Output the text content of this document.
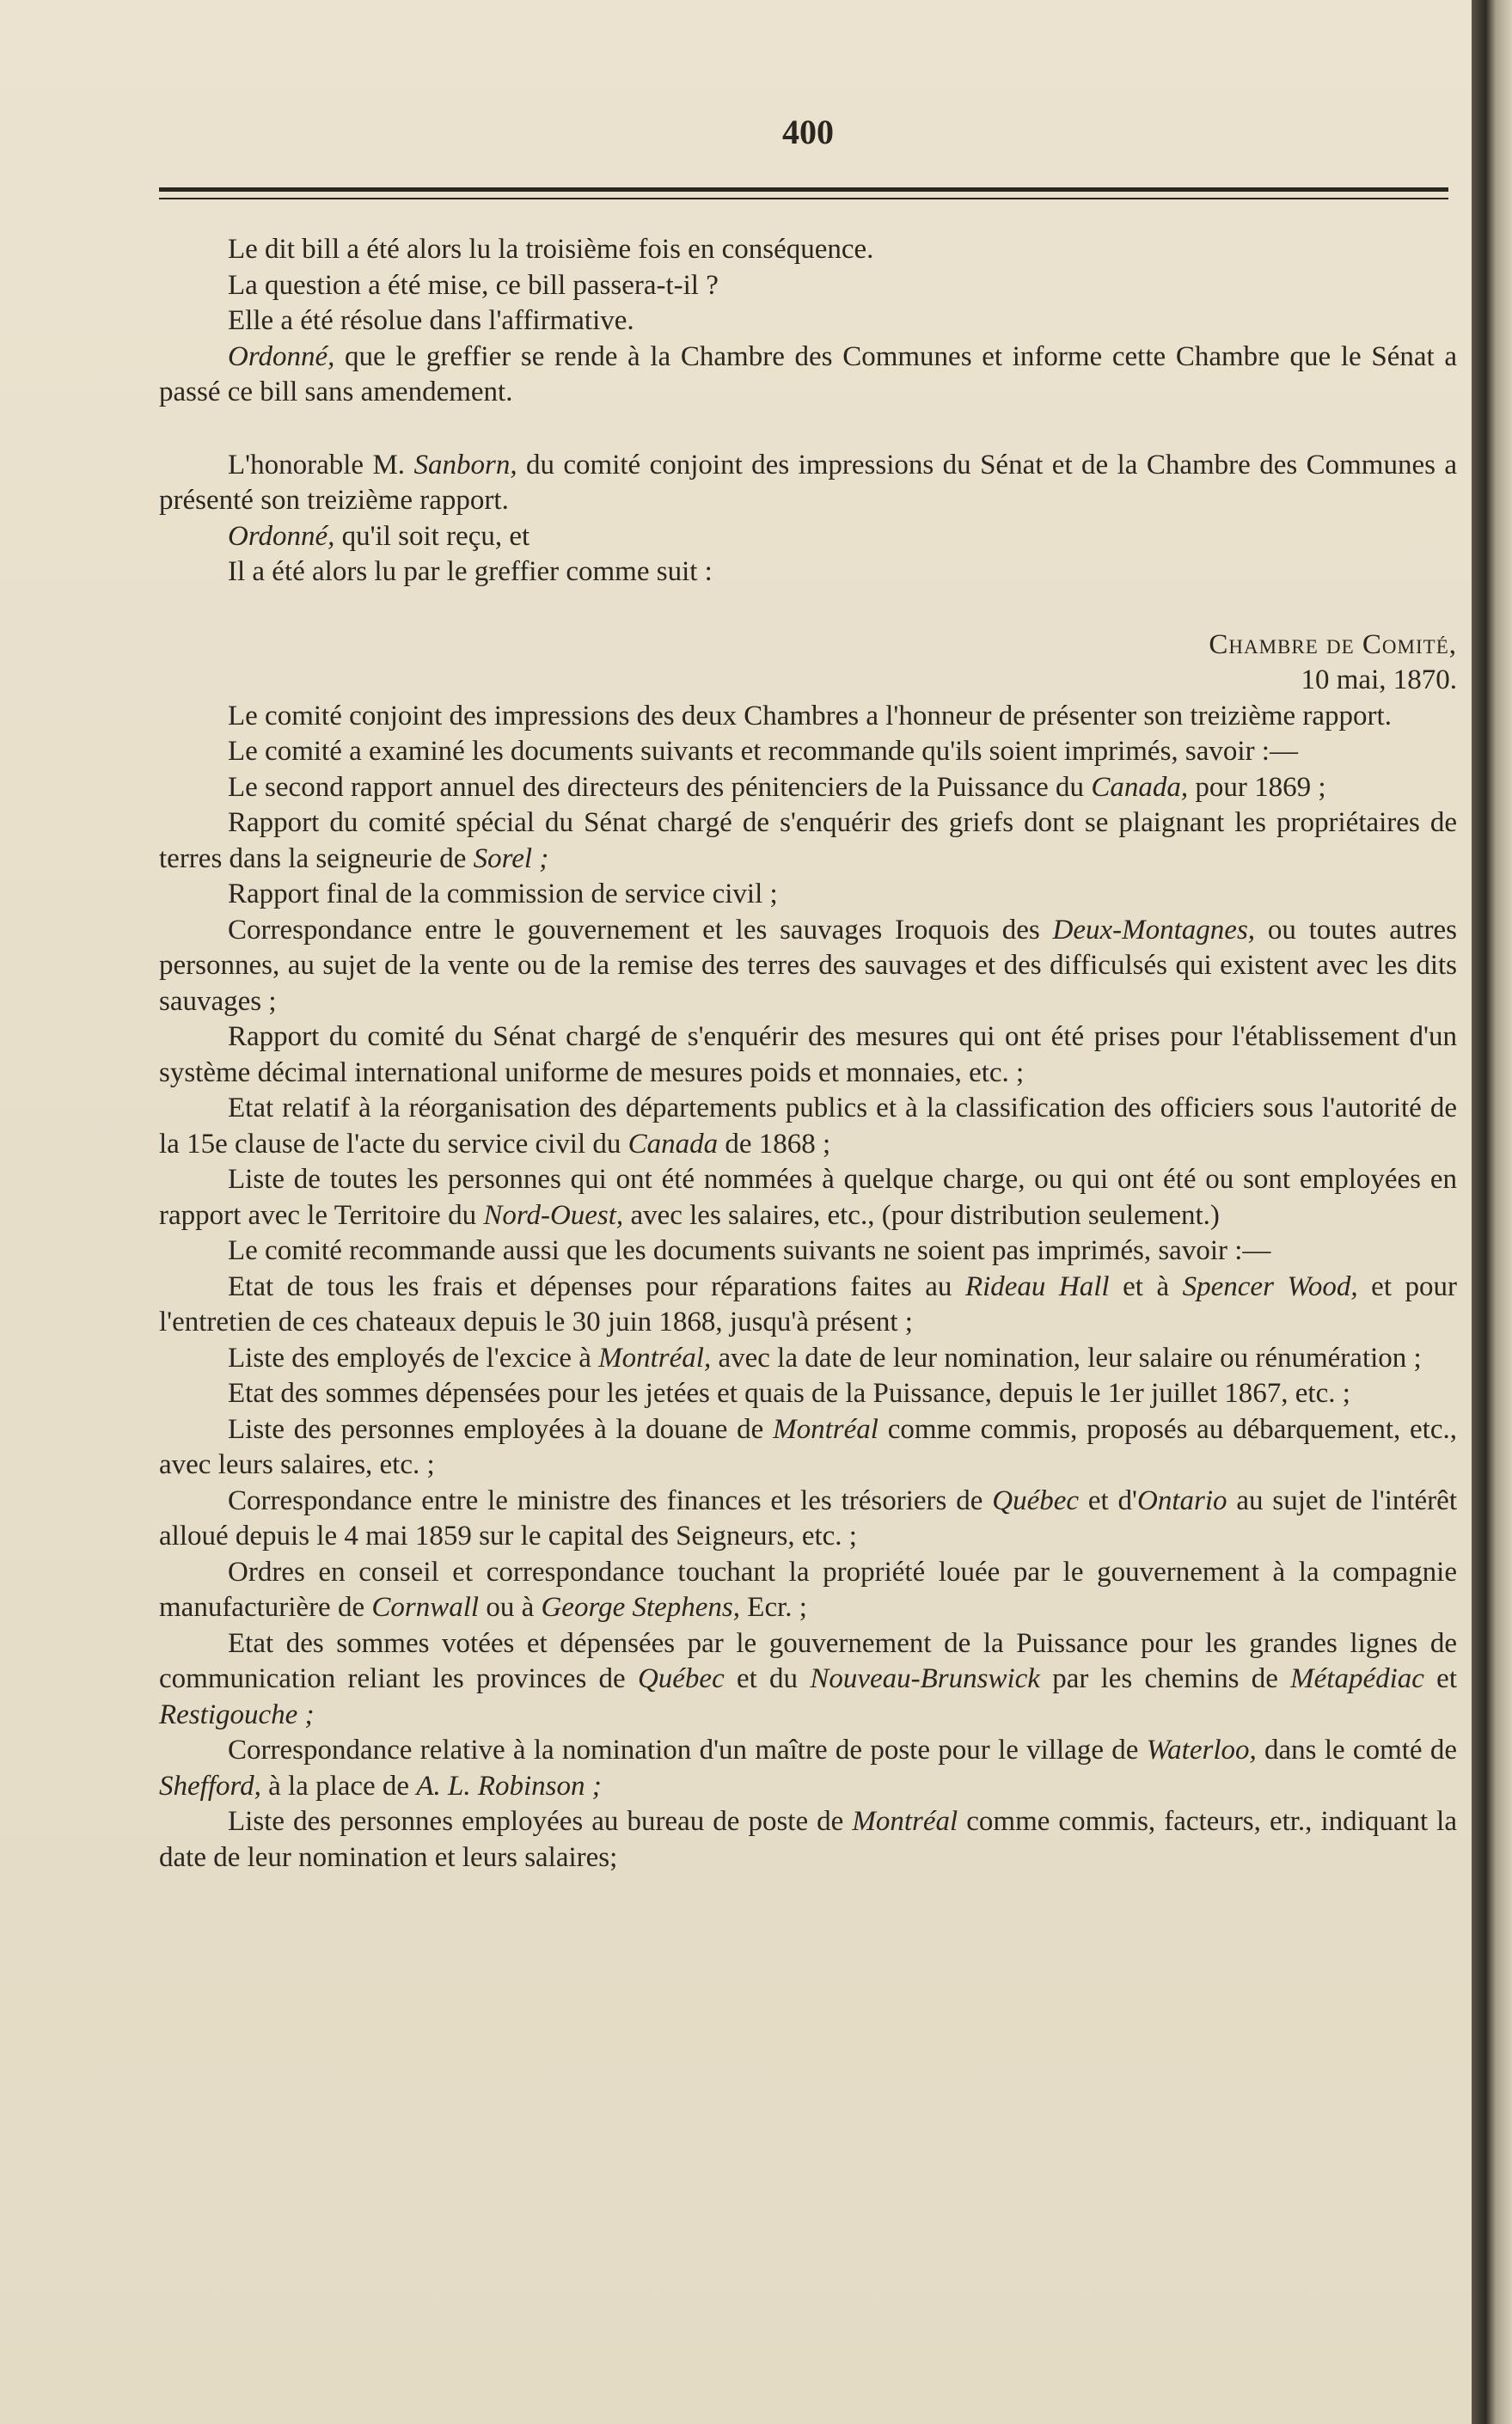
400

Le dit bill a été alors lu la troisième fois en conséquence.

La question a été mise, ce bill passera-t-il ?

Elle a été résolue dans l'affirmative.

Ordonné, que le greffier se rende à la Chambre des Communes et informe cette Chambre que le Sénat a passé ce bill sans amendement.

L'honorable M. Sanborn, du comité conjoint des impressions du Sénat et de la Chambre des Communes a présenté son treizième rapport.

Ordonné, qu'il soit reçu, et

Il a été alors lu par le greffier comme suit :

Chambre de Comité,
10 mai, 1870.

Le comité conjoint des impressions des deux Chambres a l'honneur de présenter son treizième rapport.

Le comité a examiné les documents suivants et recommande qu'ils soient imprimés, savoir :—

Le second rapport annuel des directeurs des pénitenciers de la Puissance du Canada, pour 1869 ;

Rapport du comité spécial du Sénat chargé de s'enquérir des griefs dont se plaignant les propriétaires de terres dans la seigneurie de Sorel ;

Rapport final de la commission de service civil ;

Correspondance entre le gouvernement et les sauvages Iroquois des Deux-Montagnes, ou toutes autres personnes, au sujet de la vente ou de la remise des terres des sauvages et des difficulsés qui existent avec les dits sauvages ;

Rapport du comité du Sénat chargé de s'enquérir des mesures qui ont été prises pour l'établissement d'un système décimal international uniforme de mesures poids et monnaies, etc. ;

Etat relatif à la réorganisation des départements publics et à la classification des officiers sous l'autorité de la 15e clause de l'acte du service civil du Canada de 1868 ;

Liste de toutes les personnes qui ont été nommées à quelque charge, ou qui ont été ou sont employées en rapport avec le Territoire du Nord-Ouest, avec les salaires, etc., (pour distribution seulement.)

Le comité recommande aussi que les documents suivants ne soient pas imprimés, savoir :—

Etat de tous les frais et dépenses pour réparations faites au Rideau Hall et à Spencer Wood, et pour l'entretien de ces chateaux depuis le 30 juin 1868, jusqu'à présent ;

Liste des employés de l'excice à Montréal, avec la date de leur nomination, leur salaire ou rénumération ;

Etat des sommes dépensées pour les jetées et quais de la Puissance, depuis le 1er juillet 1867, etc. ;

Liste des personnes employées à la douane de Montréal comme commis, proposés au débarquement, etc., avec leurs salaires, etc. ;

Correspondance entre le ministre des finances et les trésoriers de Québec et d'Ontario au sujet de l'intérêt alloué depuis le 4 mai 1859 sur le capital des Seigneurs, etc. ;

Ordres en conseil et correspondance touchant la propriété louée par le gouvernement à la compagnie manufacturière de Cornwall ou à George Stephens, Ecr. ;

Etat des sommes votées et dépensées par le gouvernement de la Puissance pour les grandes lignes de communication reliant les provinces de Québec et du Nouveau-Brunswick par les chemins de Métapédiac et Restigouche ;

Correspondance relative à la nomination d'un maître de poste pour le village de Waterloo, dans le comté de Shefford, à la place de A. L. Robinson ;

Liste des personnes employées au bureau de poste de Montréal comme commis, facteurs, etr., indiquant la date de leur nomination et leurs salaires;
